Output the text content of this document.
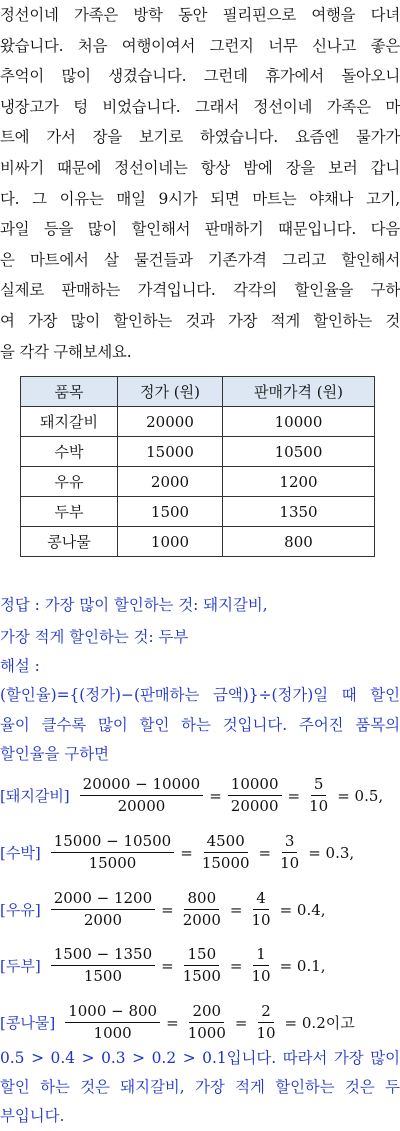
정선이네 가족은 방학 동안 필리핀으로 여행을 다녀
왔습니다. 처음 여행이여서 그런지 너무 신나고 좋은
추억이 많이 생겼습니다. 그런데 휴가에서 돌아오니
냉장고가 텅 비었습니다. 그래서 정선이네 가족은 마
트에 가서 장을 보기로 하였습니다. 요즘엔 물가가
비싸기 때문에 정선이네는 항상 밤에 장을 보러 갑니
다. 그 이유는 매일 9시가 되면 마트는 야채나 고기,
과일 등을 많이 할인해서 판매하기 때문입니다. 다음
은 마트에서 살 물건들과 기존가격 그리고 할인해서
실제로 판매하는 가격입니다. 각각의 할인율을 구하
여 가장 많이 할인하는 것과 가장 적게 할인하는 것
을 각각 구해보세요.
품목	정가 (원)	판매가격 (원)
돼지갈비	20000	10000
수박	15000	10500
우유	2000	1200
두부	1500	1350
콩나물	1000	800
정답 : 가장 많이 할인하는 것: 돼지갈비,
가장 적게 할인하는 것: 두부
해설 :
(할인율)={(정가)−(판매하는 금액)}÷(정가)일 때 할인
율이 클수록 많이 할인 하는 것입니다. 주어진 품목의
할인율을 구하면
[돼지갈비] $\frac{20000 - 10000}{20000} = \frac{10000}{20000} = \frac{5}{10} = 0.5$,
[수박] $\frac{15000 - 10500}{15000} = \frac{4500}{15000} = \frac{3}{10} = 0.3$,
[우유] $\frac{2000 - 1200}{2000} = \frac{800}{2000} = \frac{4}{10} = 0.4$,
[두부] $\frac{1500 - 1350}{1500} = \frac{150}{1500} = \frac{1}{10} = 0.1$,
[콩나물] $\frac{1000 - 800}{1000} = \frac{200}{1000} = \frac{2}{10} = 0.2$이고
0.5 > 0.4 > 0.3 > 0.2 > 0.1입니다. 따라서 가장 많이
할인 하는 것은 돼지갈비, 가장 적게 할인하는 것은 두
부입니다.
